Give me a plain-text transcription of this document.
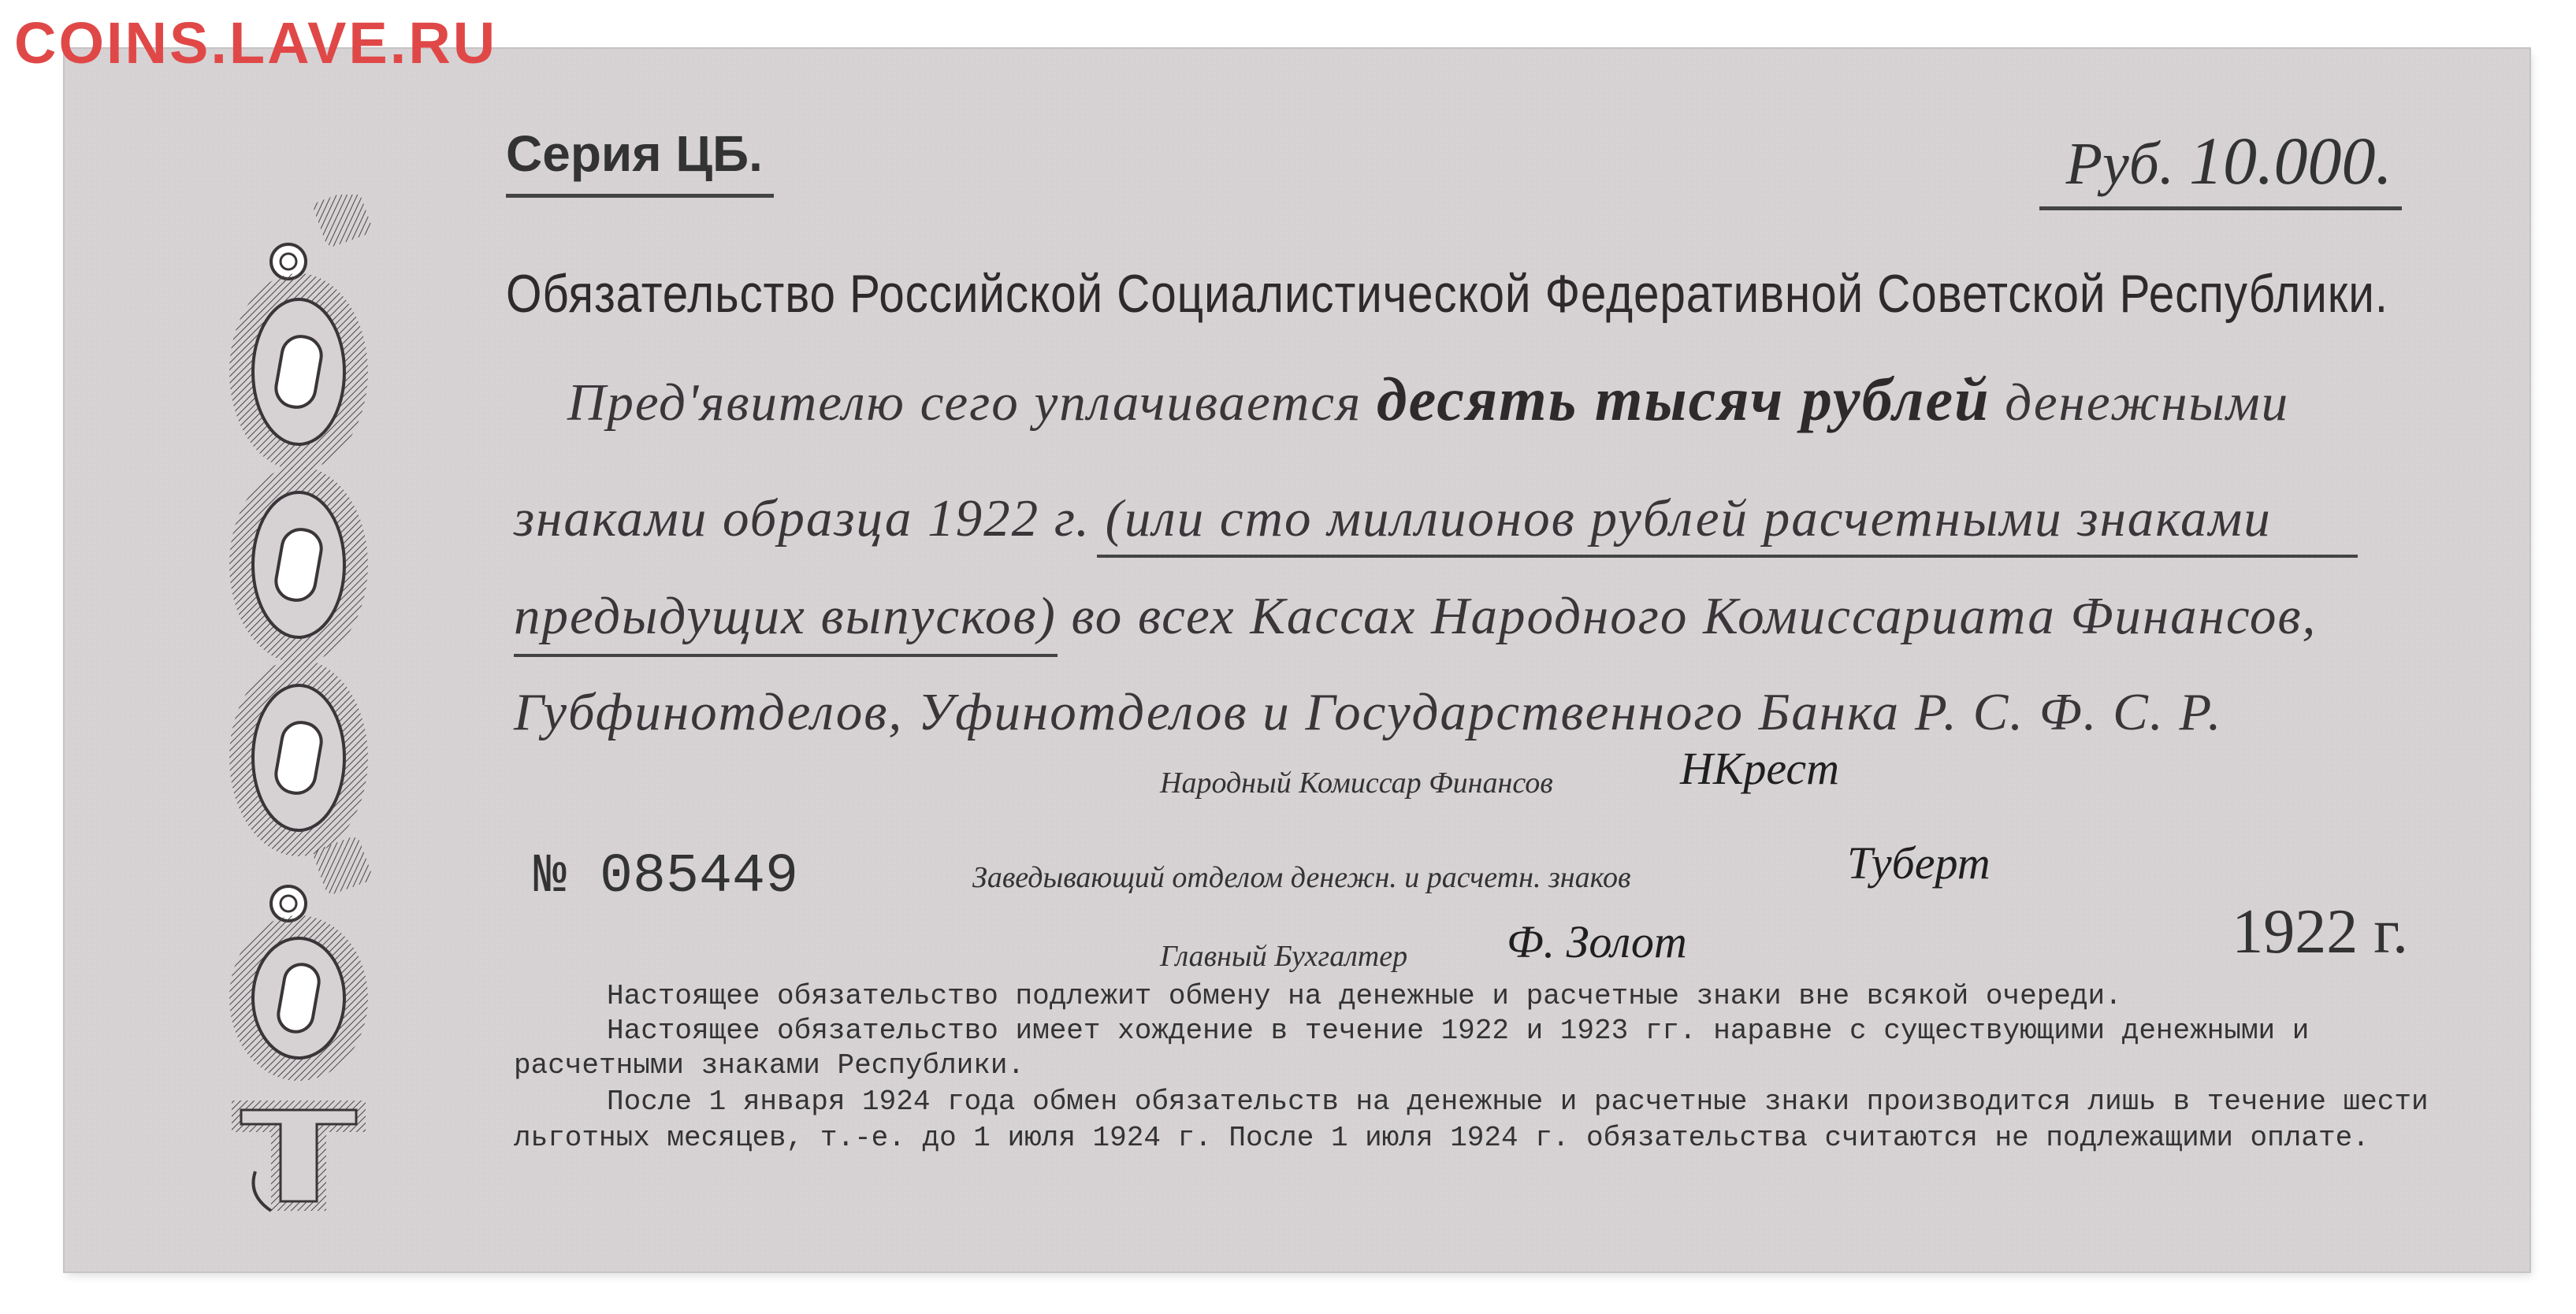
COINS.LAVE.RU
Серия ЦБ.	Руб. 10.000.
Обязательство Российской Социалистической Федеративной Советской Республики.
Пред'явителю сего уплачивается десять тысяч рублей денежными
знаками образца 1922 г. (или сто миллионов рублей расчетными знаками
предыдущих выпусков) во всех Кассах Народного Комиссариата Финансов,
Губфинотделов, Уфинотделов и Государственного Банка Р. С. Ф. С. Р.
Народный Комиссар Финансов	НКрест
№ 085449	Заведывающий отделом денежн. и расчетн. знаков	Туберт
Главный Бухгалтер Ф. Золот	1922 г.
Настоящее обязательство подлежит обмену на денежные и расчетные знаки вне всякой очереди.
Настоящее обязательство имеет хождение в течение 1922 и 1923 гг. наравне с существующими денежными и
расчетными знаками Республики.
После 1 января 1924 года обмен обязательств на денежные и расчетные знаки производится лишь в течение шести
льготных месяцев, т.-е. до 1 июля 1924 г. После 1 июля 1924 г. обязательства считаются не подлежащими оплате.
